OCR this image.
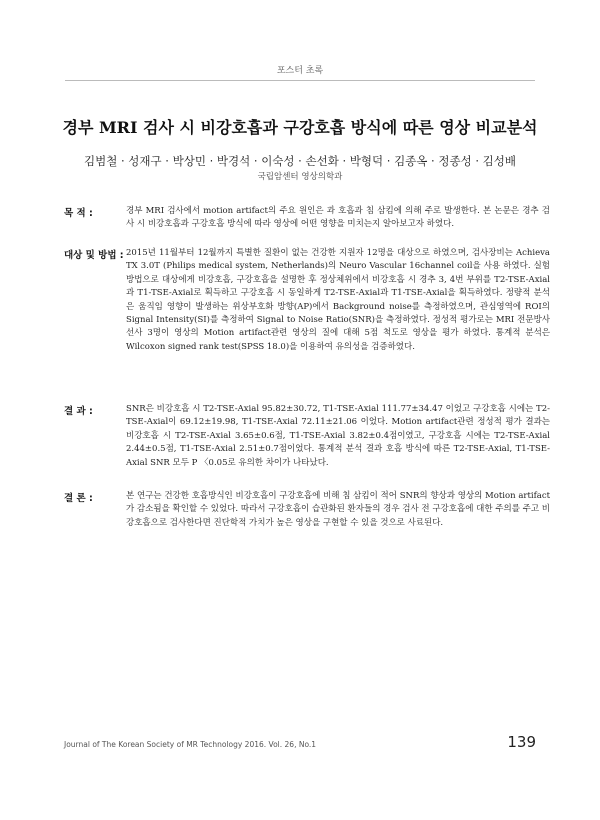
포스터 초록
경부 MRI 검사 시 비강호흡과 구강호흡 방식에 따른 영상 비교분석
김범철 · 성재구 · 박상민 · 박경석 · 이숙성 · 손선화 · 박형덕 · 김종옥 · 정종성 · 김성배
국립암센터 영상의학과
목 적 :	경부 MRI 검사에서 motion artifact의 주요 원인은 과 호흡과 침 삼킴에 의해 주로 발생한다. 본 논문은 경추 검사 시 비강호흡과 구강호흡 방식에 따라 영상에 어떤 영향을 미치는지 알아보고자 하였다.
대상 및 방법 : 2015년 11월부터 12월까지 특별한 질환이 없는 건강한 지원자 12명을 대상으로 하였으며, 검사장비는 Achieva TX 3.0T (Philips medical system, Netherlands)의 Neuro Vascular 16channel coil을 사용 하였다. 실험방법으로 대상에게 비강호흡, 구강호흡을 설명한 후 정상체위에서 비강호흡 시 경추 3, 4번 부위를 T2-TSE-Axial과 T1-TSE-Axial로 획득하고 구강호흡 시 동일하게 T2-TSE-Axial과 T1-TSE-Axial을 획득하였다. 정량적 분석은 움직임 영향이 발생하는 위상부호화 방향(AP)에서 Background noise를 측정하였으며, 관심영역에 ROI의 Signal Intensity(SI)를 측정하여 Signal to Noise Ratio(SNR)을 측정하였다. 정성적 평가로는 MRI 전문방사선사 3명이 영상의 Motion artifact관련 영상의 질에 대해 5점 척도로 영상을 평가 하였다. 통계적 분석은 Wilcoxon signed rank test(SPSS 18.0)을 이용하여 유의성을 검증하였다.
결 과 :	SNR은 비강호흡 시 T2-TSE-Axial 95.82±30.72, T1-TSE-Axial 111.77±34.47 이었고 구강호흡 시에는 T2-TSE-Axial이 69.12±19.98, T1-TSE-Axial 72.11±21.06 이었다. Motion artifact관련 정성적 평가 결과는 비강호흡 시 T2-TSE-Axial 3.65±0.6점, T1-TSE-Axial 3.82±0.4점이였고, 구강호흡 시에는 T2-TSE-Axial 2.44±0.5점, T1-TSE-Axial 2.51±0.7점이었다. 통계적 분석 결과 호흡 방식에 따른 T2-TSE-Axial, T1-TSE-Axial SNR 모두 P 〈0.05로 유의한 차이가 나타났다.
결 론 :	본 연구는 건강한 호흡방식인 비강호흡이 구강호흡에 비해 침 삼킴이 적어 SNR의 향상과 영상의 Motion artifact가 감소됨을 확인할 수 있었다. 따라서 구강호흡이 습관화된 환자들의 경우 검사 전 구강호흡에 대한 주의를 주고 비강호흡으로 검사한다면 진단학적 가치가 높은 영상을 구현할 수 있을 것으로 사료된다.
Journal of The Korean Society of MR Technology 2016. Vol. 26, No.1	139
